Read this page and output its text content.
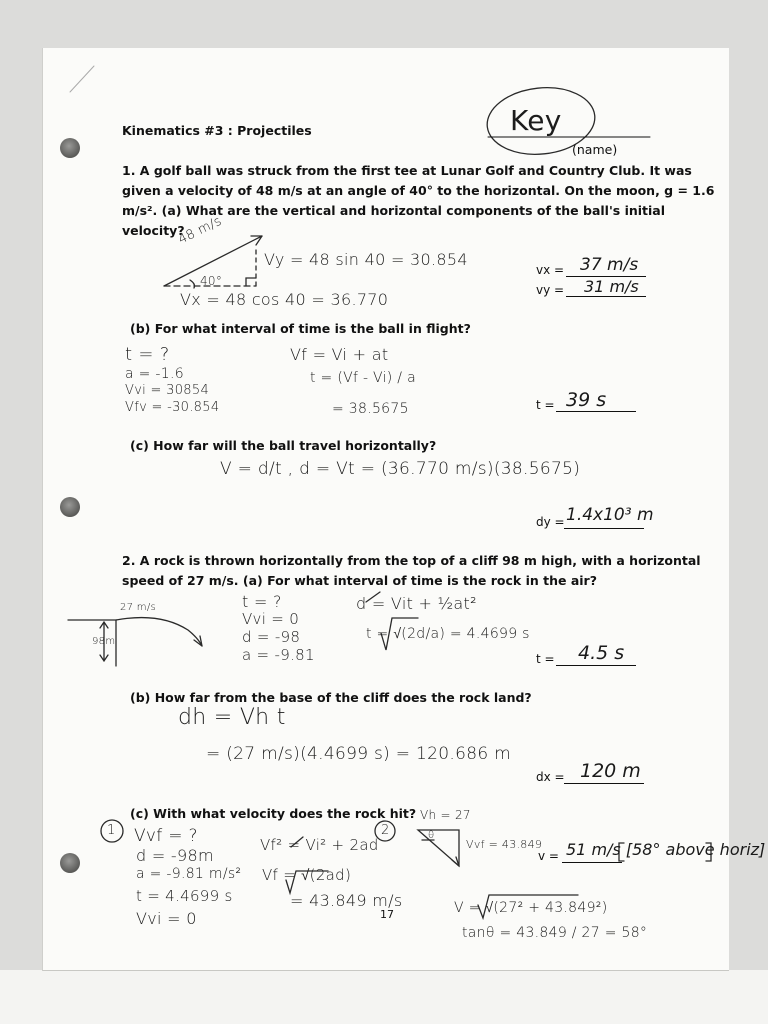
Key
Kinematics #3 : Projectiles
(name)
1. A golf ball was struck from the first tee at Lunar Golf and Country Club. It was
given a velocity of 48 m/s at an angle of 40° to the horizontal. On the moon, g = 1.6
m/s². (a) What are the vertical and horizontal components of the ball's initial
velocity?
48 m/s
40°
Vy = 48 sin 40 = 30.854
Vx = 48 cos 40 = 36.770
vx = 37 m/s
vy = 31 m/s
(b) For what interval of time is the ball in flight?
t = ?
a = -1.6
Vvi = 30854
Vfv = -30.854
Vf = Vi + at
t = (Vf - Vi) / a
= 38.5675	t = 39 s
(c) How far will the ball travel horizontally?
V = d/t , d = Vt = (36.770 m/s)(38.5675)
dy = 1.4x10³ m
2. A rock is thrown horizontally from the top of a cliff 98 m high, with a horizontal
speed of 27 m/s. (a) For what interval of time is the rock in the air?
27 m/s
98m
t = ?
Vvi = 0
d = -98
a = -9.81
d = Vit + ½at²
t = √(2d/a) = 4.4699 s
t = 4.5 s
(b) How far from the base of the cliff does the rock land?
dh = Vh t
= (27 m/s)(4.4699 s) = 120.686 m
dx = 120 m
(c) With what velocity does the rock hit?
1	2
Vvf = ?
d = -98m
a = -9.81 m/s²
t = 4.4699 s
Vvi = 0
Vf² = Vi² + 2ad
Vf = √(2ad)
= 43.849 m/s
Vh = 27
θ
Vvf = 43.849
V = √(27² + 43.849²)
tanθ = 43.849 / 27 = 58°
v = 51 m/s [58° above horiz]
17
